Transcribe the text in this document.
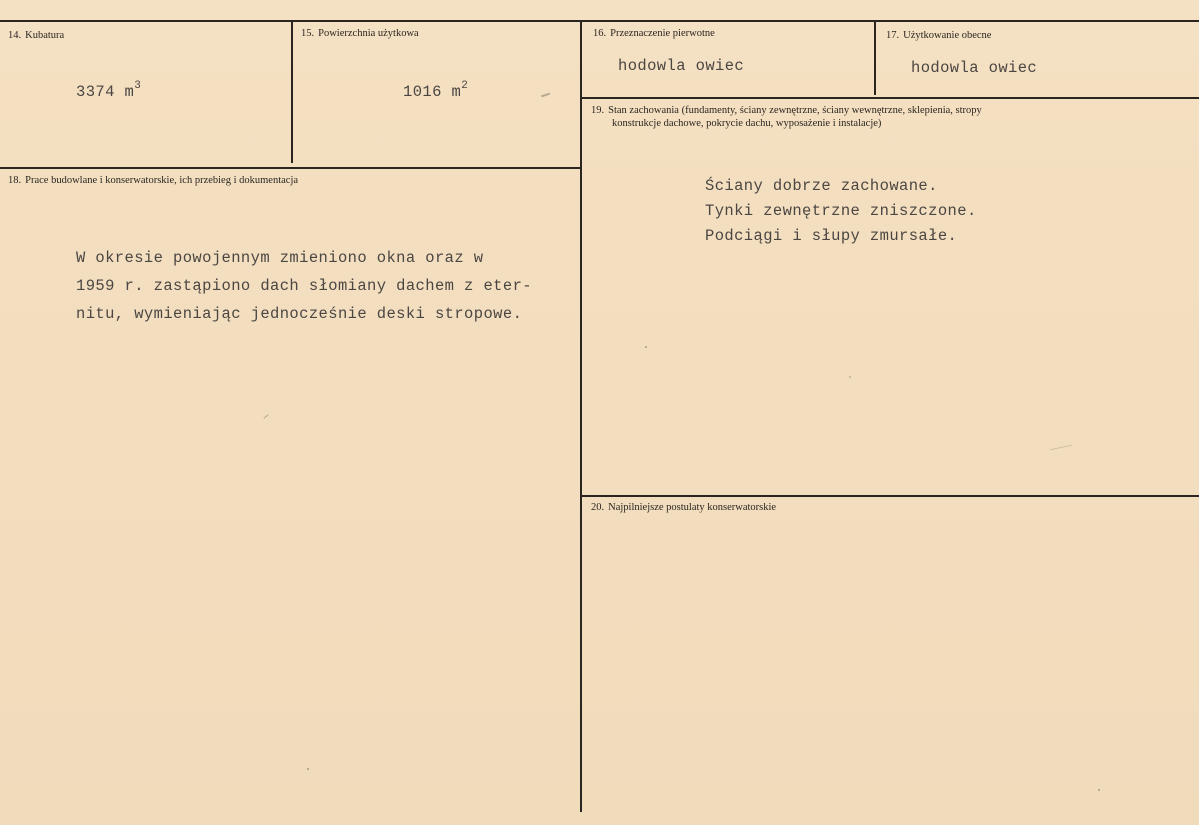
14. Kubatura
3374 $m^3$
15. Powierzchnia użytkowa
1016 $m^2$
16. Przeznaczenie pierwotne
hodowla owiec
17. Użytkowanie obecne
hodowla owiec
18. Prace budowlane i konserwatorskie, ich przebieg i dokumentacja
W okresie powojennym zmieniono okna oraz w
1959 r. zastąpiono dach słomiany dachem z eter-
nitu, wymieniając jednocześnie deski stropowe.
19. Stan zachowania (fundamenty, ściany zewnętrzne, ściany wewnętrzne, sklepienia, stropy
konstrukcje dachowe, pokrycie dachu, wyposażenie i instalacje)
Ściany dobrze zachowane.
Tynki zewnętrzne zniszczone.
Podciągi i słupy zmursałe.
20. Najpilniejsze postulaty konserwatorskie
